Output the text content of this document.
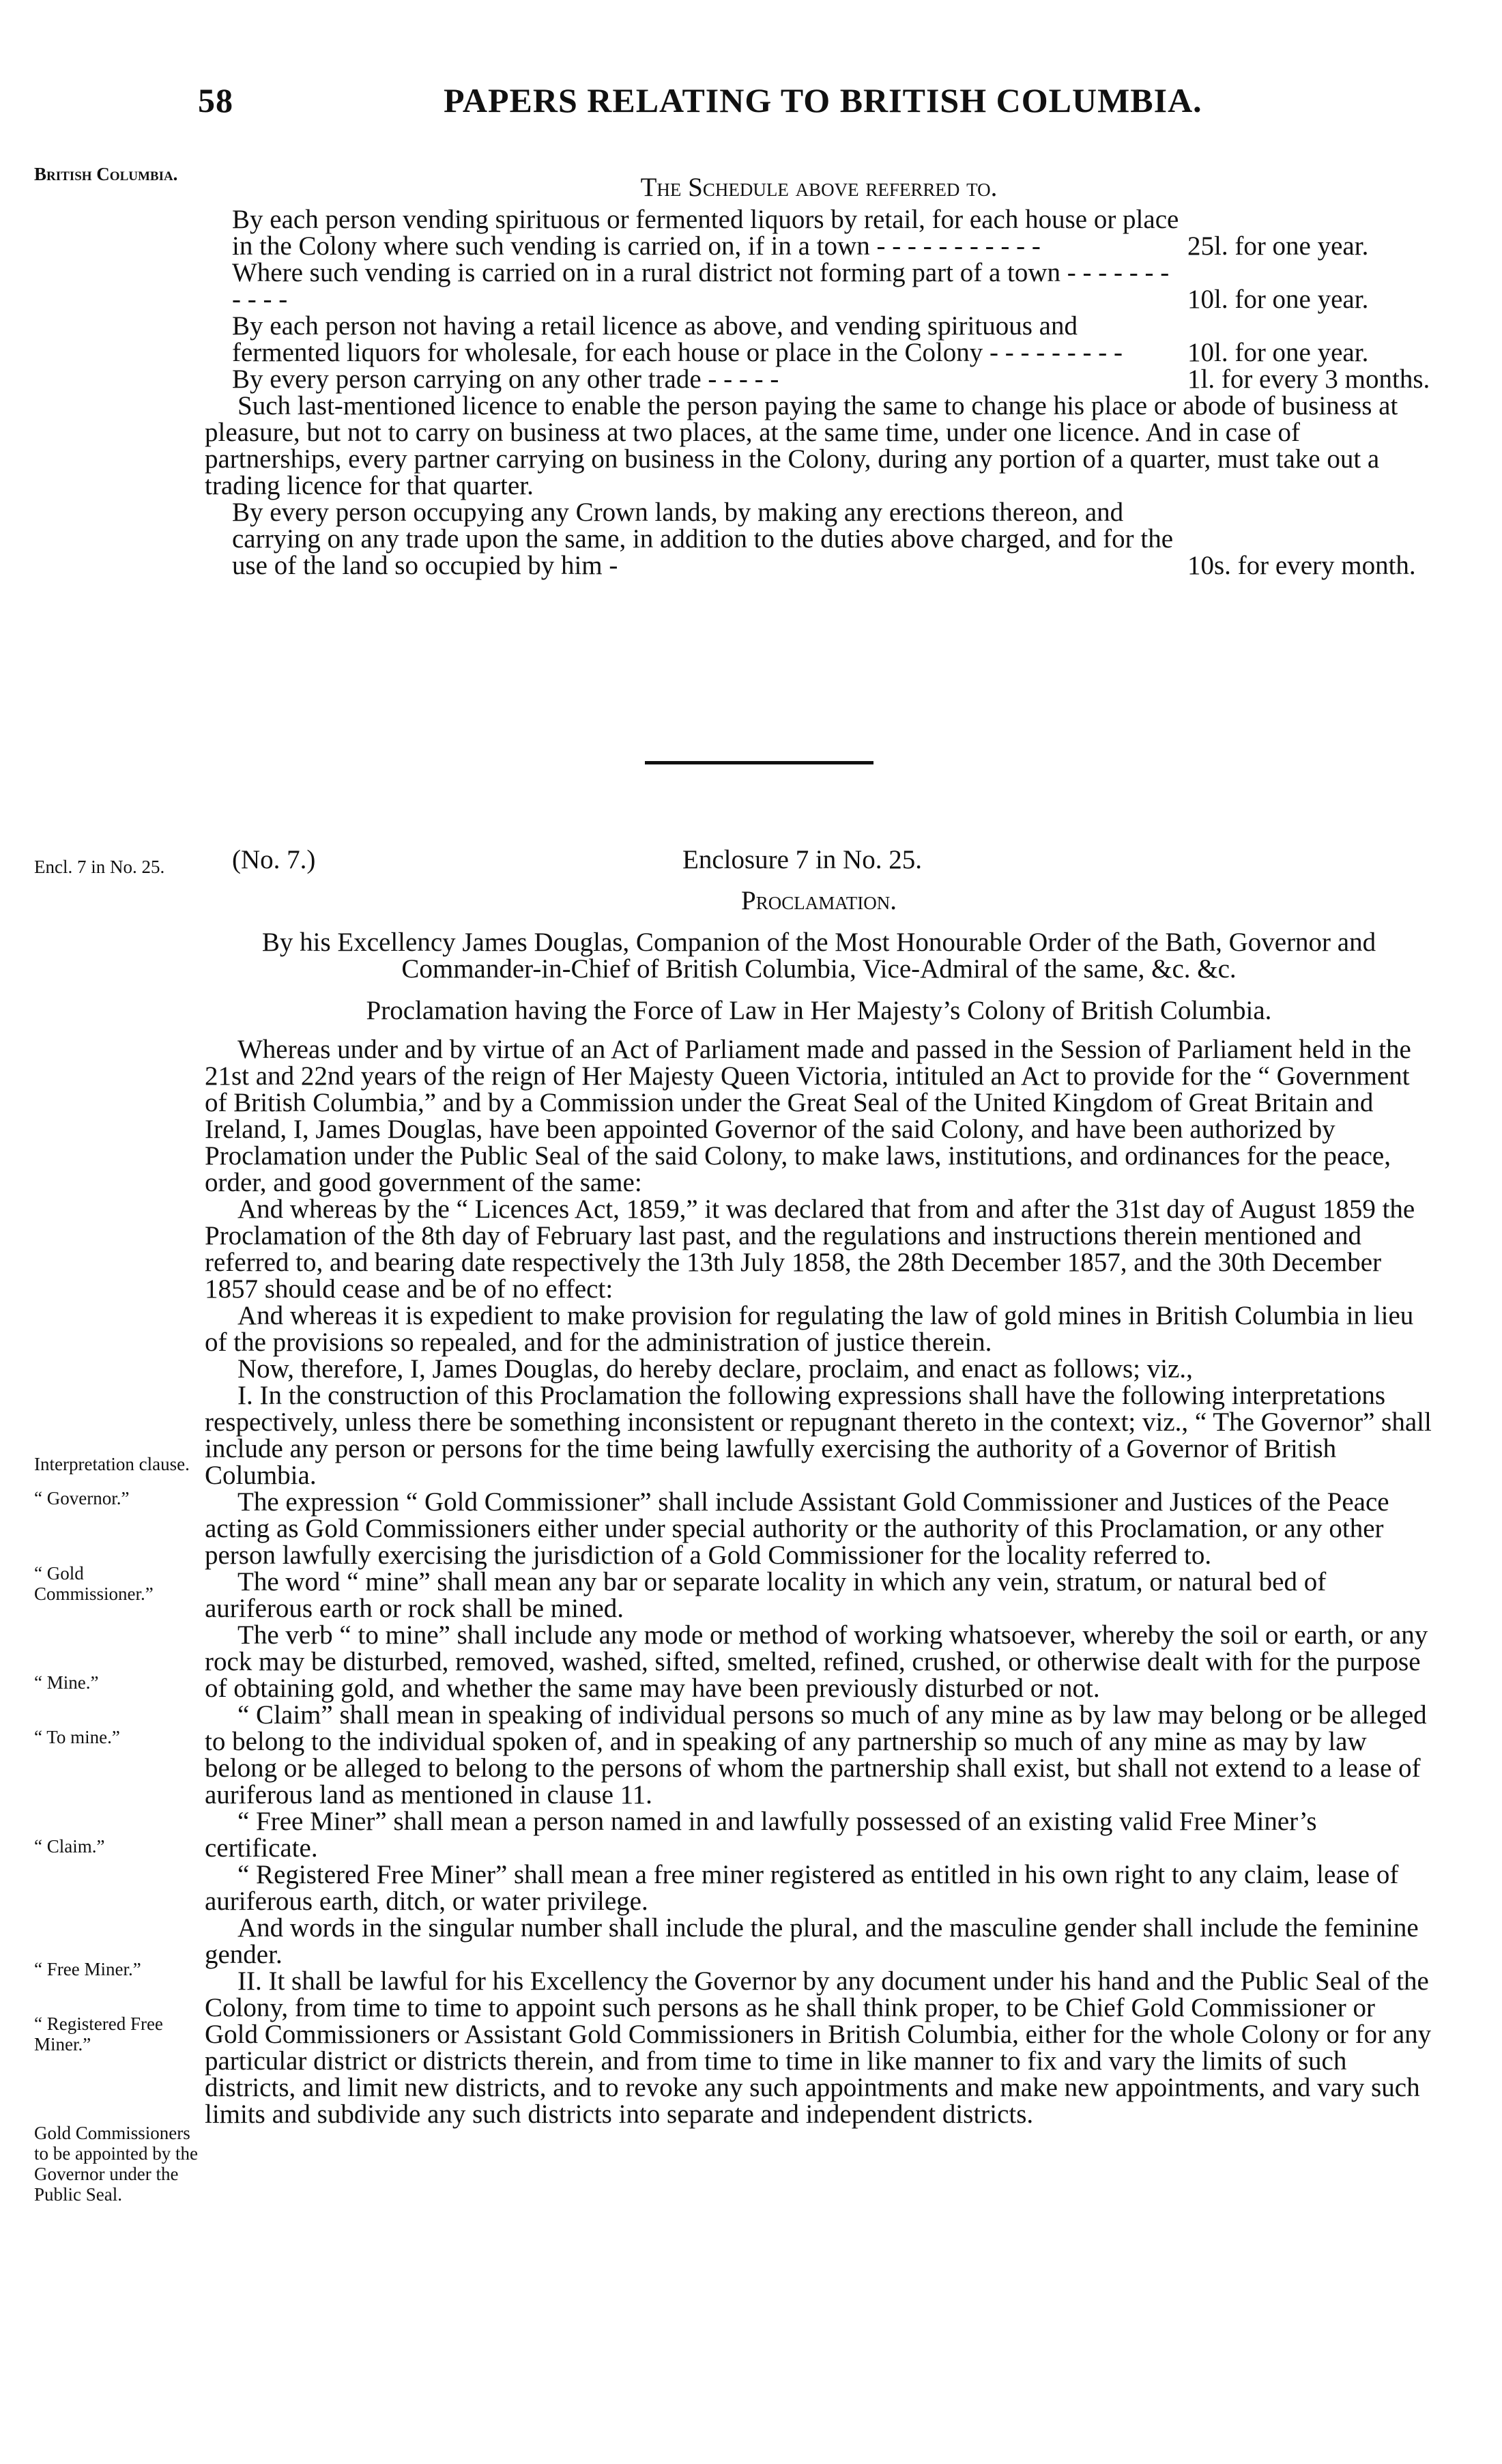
58	PAPERS RELATING TO BRITISH COLUMBIA.
British Columbia.
Encl. 7 in No. 25.
Interpretation clause.
“ Governor.”
“ Gold Commissioner.”
“ Mine.”
“ To mine.”
“ Claim.”
“ Free Miner.”
“ Registered Free Miner.”
Gold Commissioners to be appointed by the Governor under the Public Seal.

The Schedule above referred to.

By each person vending spirituous or fermented liquors by retail, for each house or place in the Colony where such vending is carried on, if in a town - - - - - - - - - - -	25l. for one year.

Where such vending is carried on in a rural district not forming part of a town - - - - - - - - - - -	10l. for one year.

By each person not having a retail licence as above, and vending spirituous and fermented liquors for wholesale, for each house or place in the Colony - - - - - - - - -	10l. for one year.

By every person carrying on any other trade - - - - -	1l. for every 3 months.

Such last-mentioned licence to enable the person paying the same to change his place or abode of business at pleasure, but not to carry on business at two places, at the same time, under one licence. And in case of partnerships, every partner carrying on business in the Colony, during any portion of a quarter, must take out a trading licence for that quarter.

By every person occupying any Crown lands, by making any erections thereon, and carrying on any trade upon the same, in addition to the duties above charged, and for the use of the land so occupied by him -	10s. for every month.

(No. 7.)	Enclosure 7 in No. 25.

Proclamation.

By his Excellency James Douglas, Companion of the Most Honourable Order of the Bath, Governor and Commander-in-Chief of British Columbia, Vice-Admiral of the same, &c. &c.

Proclamation having the Force of Law in Her Majesty’s Colony of British Columbia.

Whereas under and by virtue of an Act of Parliament made and passed in the Session of Parliament held in the 21st and 22nd years of the reign of Her Majesty Queen Victoria, intituled an Act to provide for the “ Government of British Columbia,” and by a Commission under the Great Seal of the United Kingdom of Great Britain and Ireland, I, James Douglas, have been appointed Governor of the said Colony, and have been authorized by Proclamation under the Public Seal of the said Colony, to make laws, institutions, and ordinances for the peace, order, and good government of the same:

And whereas by the “ Licences Act, 1859,” it was declared that from and after the 31st day of August 1859 the Proclamation of the 8th day of February last past, and the regulations and instructions therein mentioned and referred to, and bearing date respectively the 13th July 1858, the 28th December 1857, and the 30th December 1857 should cease and be of no effect:

And whereas it is expedient to make provision for regulating the law of gold mines in British Columbia in lieu of the provisions so repealed, and for the administration of justice therein.

Now, therefore, I, James Douglas, do hereby declare, proclaim, and enact as follows; viz.,

I. In the construction of this Proclamation the following expressions shall have the following interpretations respectively, unless there be something inconsistent or repugnant thereto in the context; viz., “ The Governor” shall include any person or persons for the time being lawfully exercising the authority of a Governor of British Columbia.

The expression “ Gold Commissioner” shall include Assistant Gold Commissioner and Justices of the Peace acting as Gold Commissioners either under special authority or the authority of this Proclamation, or any other person lawfully exercising the jurisdiction of a Gold Commissioner for the locality referred to.

The word “ mine” shall mean any bar or separate locality in which any vein, stratum, or natural bed of auriferous earth or rock shall be mined.

The verb “ to mine” shall include any mode or method of working whatsoever, whereby the soil or earth, or any rock may be disturbed, removed, washed, sifted, smelted, refined, crushed, or otherwise dealt with for the purpose of obtaining gold, and whether the same may have been previously disturbed or not.

“ Claim” shall mean in speaking of individual persons so much of any mine as by law may belong or be alleged to belong to the individual spoken of, and in speaking of any partnership so much of any mine as may by law belong or be alleged to belong to the persons of whom the partnership shall exist, but shall not extend to a lease of auriferous land as mentioned in clause 11.

“ Free Miner” shall mean a person named in and lawfully possessed of an existing valid Free Miner’s certificate.

“ Registered Free Miner” shall mean a free miner registered as entitled in his own right to any claim, lease of auriferous earth, ditch, or water privilege.

And words in the singular number shall include the plural, and the masculine gender shall include the feminine gender.

II. It shall be lawful for his Excellency the Governor by any document under his hand and the Public Seal of the Colony, from time to time to appoint such persons as he shall think proper, to be Chief Gold Commissioner or Gold Commissioners or Assistant Gold Commissioners in British Columbia, either for the whole Colony or for any particular district or districts therein, and from time to time in like manner to fix and vary the limits of such districts, and limit new districts, and to revoke any such appointments and make new appointments, and vary such limits and subdivide any such districts into separate and independent districts.
